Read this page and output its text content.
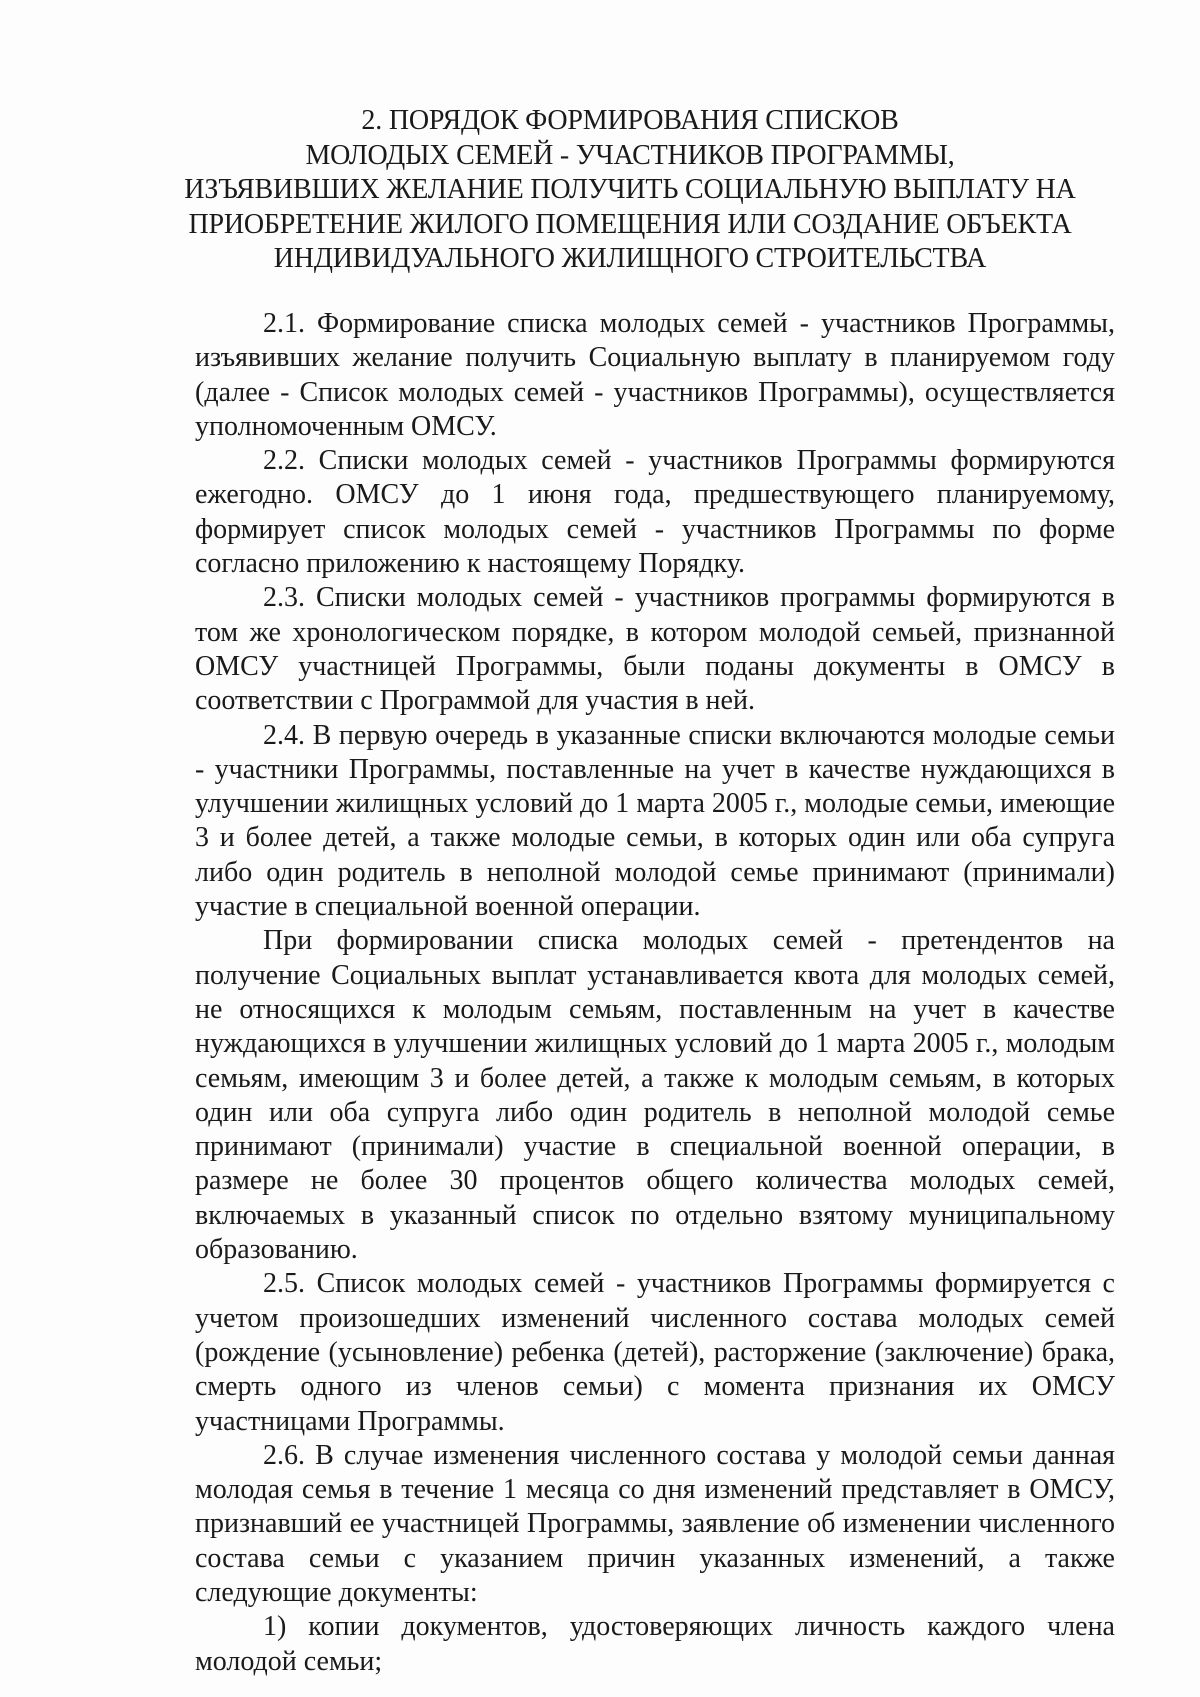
2. ПОРЯДОК ФОРМИРОВАНИЯ СПИСКОВ
МОЛОДЫХ СЕМЕЙ - УЧАСТНИКОВ ПРОГРАММЫ,
ИЗЪЯВИВШИХ ЖЕЛАНИЕ ПОЛУЧИТЬ СОЦИАЛЬНУЮ ВЫПЛАТУ НА
ПРИОБРЕТЕНИЕ ЖИЛОГО ПОМЕЩЕНИЯ ИЛИ СОЗДАНИЕ ОБЪЕКТА
ИНДИВИДУАЛЬНОГО ЖИЛИЩНОГО СТРОИТЕЛЬСТВА

2.1. Формирование списка молодых семей - участников Программы, изъявивших желание получить Социальную выплату в планируемом году (далее - Список молодых семей - участников Программы), осуществляется уполномоченным ОМСУ.

2.2. Списки молодых семей - участников Программы формируются ежегодно. ОМСУ до 1 июня года, предшествующего планируемому, формирует список молодых семей - участников Программы по форме согласно приложению к настоящему Порядку.

2.3. Списки молодых семей - участников программы формируются в том же хронологическом порядке, в котором молодой семьей, признанной ОМСУ участницей Программы, были поданы документы в ОМСУ в соответствии с Программой для участия в ней.

2.4. В первую очередь в указанные списки включаются молодые семьи - участники Программы, поставленные на учет в качестве нуждающихся в улучшении жилищных условий до 1 марта 2005 г., молодые семьи, имеющие 3 и более детей, а также молодые семьи, в которых один или оба супруга либо один родитель в неполной молодой семье принимают (принимали) участие в специальной военной операции.

При формировании списка молодых семей - претендентов на получение Социальных выплат устанавливается квота для молодых семей, не относящихся к молодым семьям, поставленным на учет в качестве нуждающихся в улучшении жилищных условий до 1 марта 2005 г., молодым семьям, имеющим 3 и более детей, а также к молодым семьям, в которых один или оба супруга либо один родитель в неполной молодой семье принимают (принимали) участие в специальной военной операции, в размере не более 30 процентов общего количества молодых семей, включаемых в указанный список по отдельно взятому муниципальному образованию.

2.5. Список молодых семей - участников Программы формируется с учетом произошедших изменений численного состава молодых семей (рождение (усыновление) ребенка (детей), расторжение (заключение) брака, смерть одного из членов семьи) с момента признания их ОМСУ участницами Программы.

2.6. В случае изменения численного состава у молодой семьи данная молодая семья в течение 1 месяца со дня изменений представляет в ОМСУ, признавший ее участницей Программы, заявление об изменении численного состава семьи с указанием причин указанных изменений, а также следующие документы:

1) копии документов, удостоверяющих личность каждого члена молодой семьи;
